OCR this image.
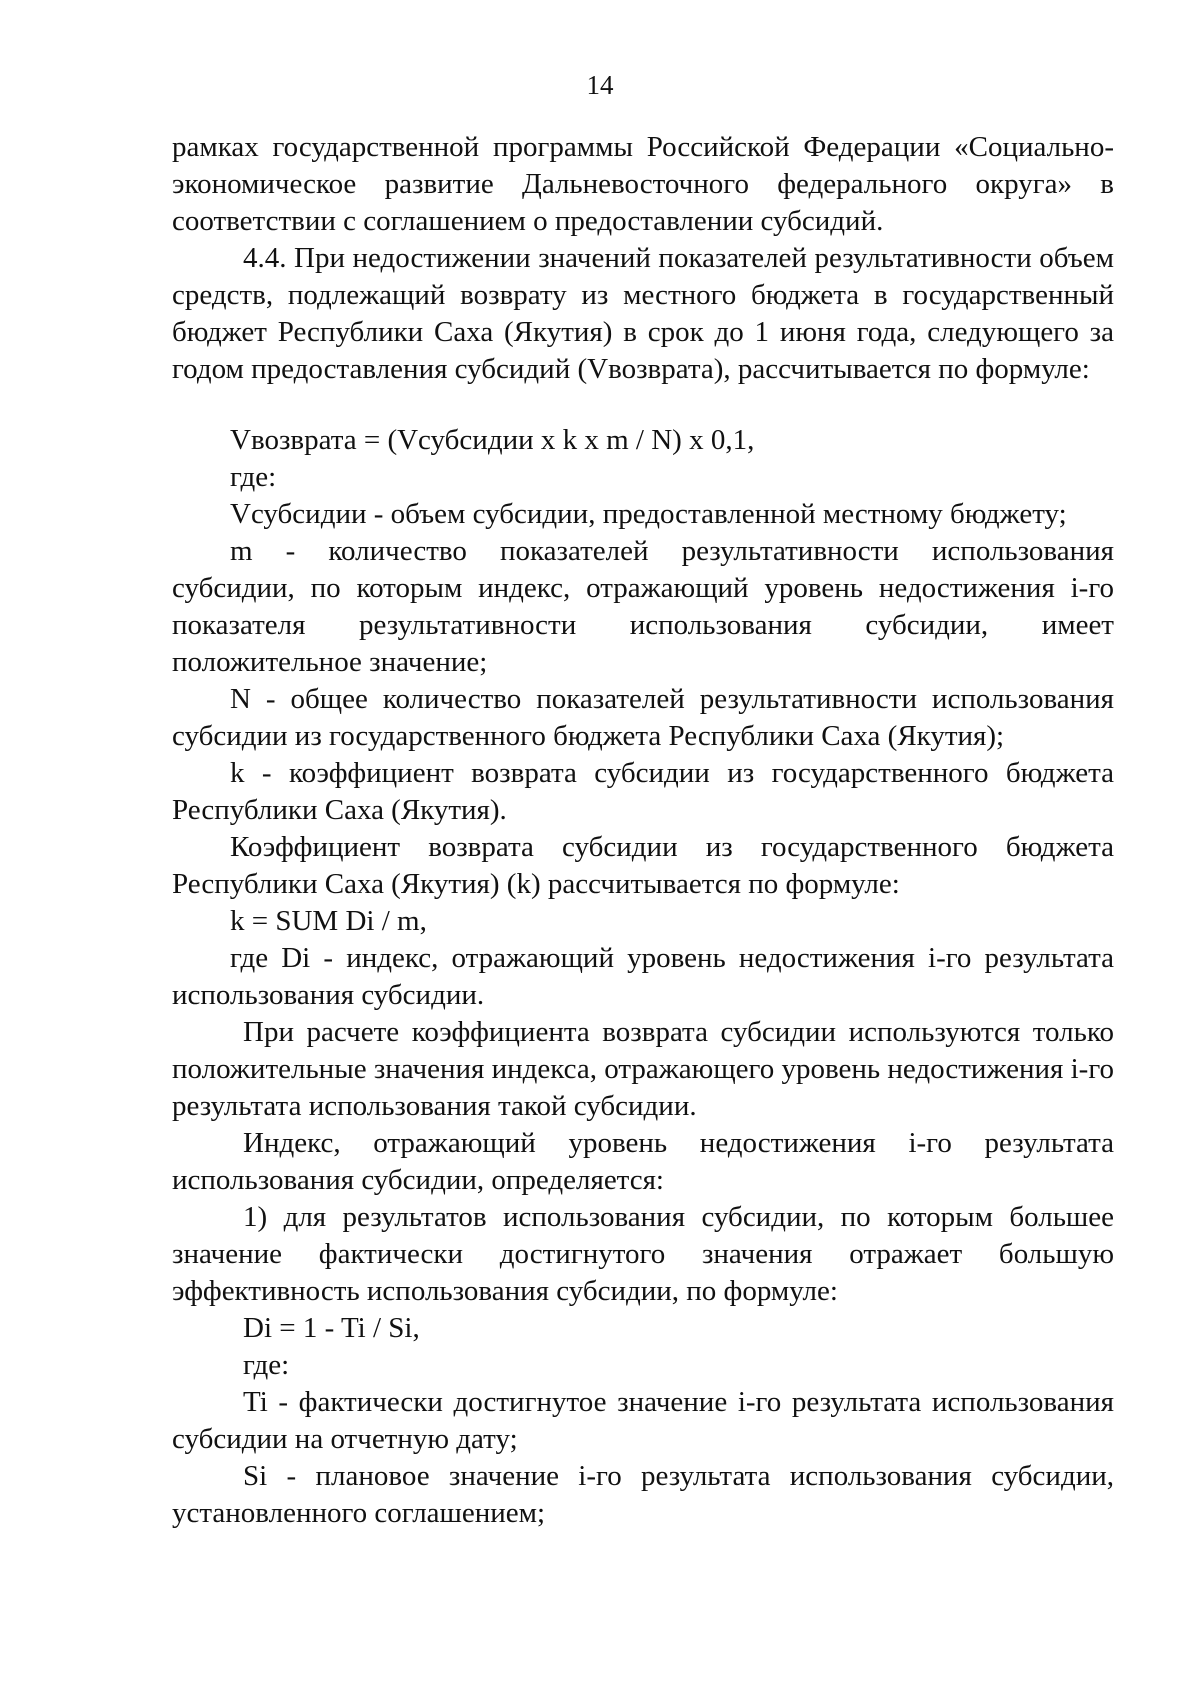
14

рамках государственной программы Российской Федерации «Социально-экономическое развитие Дальневосточного федерального округа» в соответствии с соглашением о предоставлении субсидий.

4.4. При недостижении значений показателей результативности объем средств, подлежащий возврату из местного бюджета в государственный бюджет Республики Саха (Якутия) в срок до 1 июня года, следующего за годом предоставления субсидий (Vвозврата), рассчитывается по формуле:

Vвозврата = (Vсубсидии x k x m / N) x 0,1,

где:

Vсубсидии - объем субсидии, предоставленной местному бюджету;

m - количество показателей результативности использования субсидии, по которым индекс, отражающий уровень недостижения i-го показателя результативности использования субсидии, имеет положительное значение;

N - общее количество показателей результативности использования субсидии из государственного бюджета Республики Саха (Якутия);

k - коэффициент возврата субсидии из государственного бюджета Республики Саха (Якутия).

Коэффициент возврата субсидии из государственного бюджета Республики Саха (Якутия) (k) рассчитывается по формуле:

k = SUM Di / m,

где Di - индекс, отражающий уровень недостижения i-го результата использования субсидии.

При расчете коэффициента возврата субсидии используются только положительные значения индекса, отражающего уровень недостижения i-го результата использования такой субсидии.

Индекс, отражающий уровень недостижения i-го результата использования субсидии, определяется:

1) для результатов использования субсидии, по которым большее значение фактически достигнутого значения отражает большую эффективность использования субсидии, по формуле:

Di = 1 - Ti / Si,

где:

Ti - фактически достигнутое значение i-го результата использования субсидии на отчетную дату;

Si - плановое значение i-го результата использования субсидии, установленного соглашением;
